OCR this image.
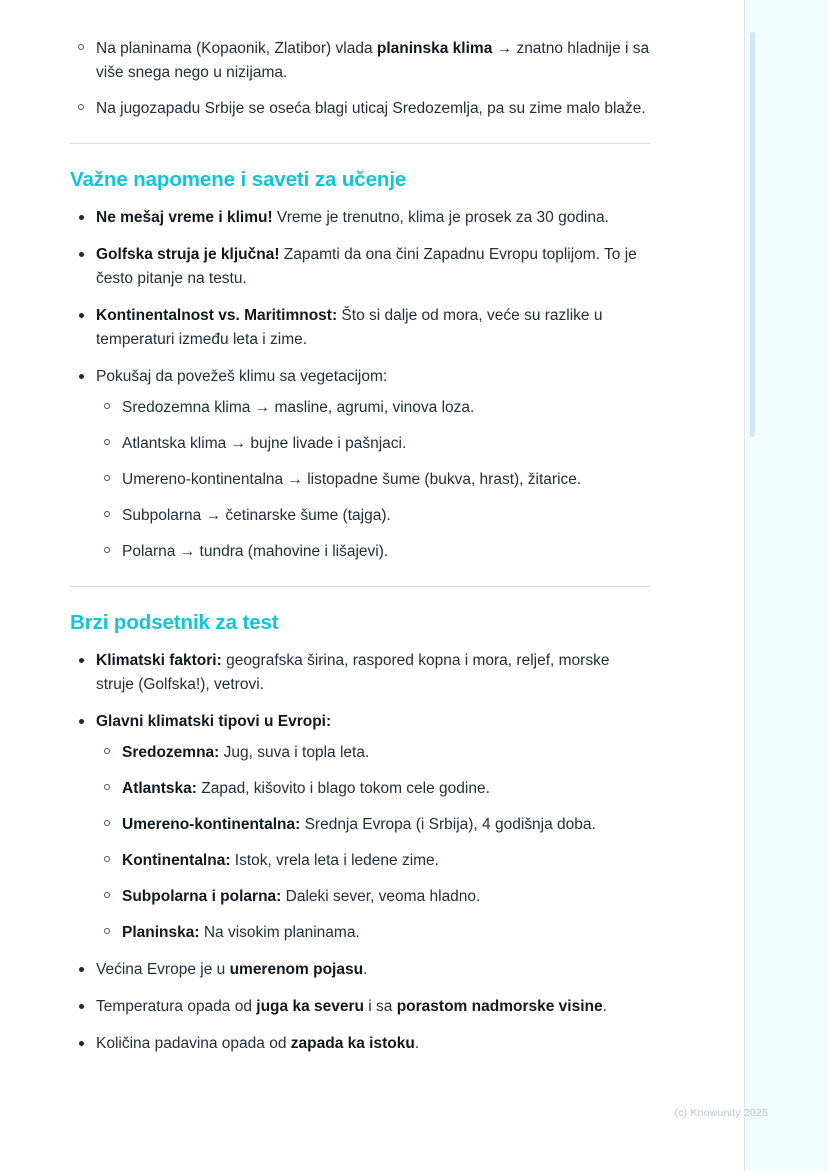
Na planinama (Kopaonik, Zlatibor) vlada planinska klima → znatno hladnije i sa više snega nego u nizijama.
Na jugozapadu Srbije se oseća blagi uticaj Sredozemlja, pa su zime malo blaže.
Važne napomene i saveti za učenje
Ne mešaj vreme i klimu! Vreme je trenutno, klima je prosek za 30 godina.
Golfska struja je ključna! Zapamti da ona čini Zapadnu Evropu toplijom. To je često pitanje na testu.
Kontinentalnost vs. Maritimnost: Što si dalje od mora, veće su razlike u temperaturi između leta i zime.
Pokušaj da povežeš klimu sa vegetacijom:
Sredozemna klima → masline, agrumi, vinova loza.
Atlantska klima → bujne livade i pašnjaci.
Umereno-kontinentalna → listopadne šume (bukva, hrast), žitarice.
Subpolarna → četinarske šume (tajga).
Polarna → tundra (mahovine i lišajevi).
Brzi podsetnik za test
Klimatski faktori: geografska širina, raspored kopna i mora, reljef, morske struje (Golfska!), vetrovi.
Glavni klimatski tipovi u Evropi:
Sredozemna: Jug, suva i topla leta.
Atlantska: Zapad, kišovito i blago tokom cele godine.
Umereno-kontinentalna: Srednja Evropa (i Srbija), 4 godišnja doba.
Kontinentalna: Istok, vrela leta i ledene zime.
Subpolarna i polarna: Daleki sever, veoma hladno.
Planinska: Na visokim planinama.
Većina Evrope je u umerenom pojasu.
Temperatura opada od juga ka severu i sa porastom nadmorske visine.
Količina padavina opada od zapada ka istoku.
(c) Knowunity 2025
